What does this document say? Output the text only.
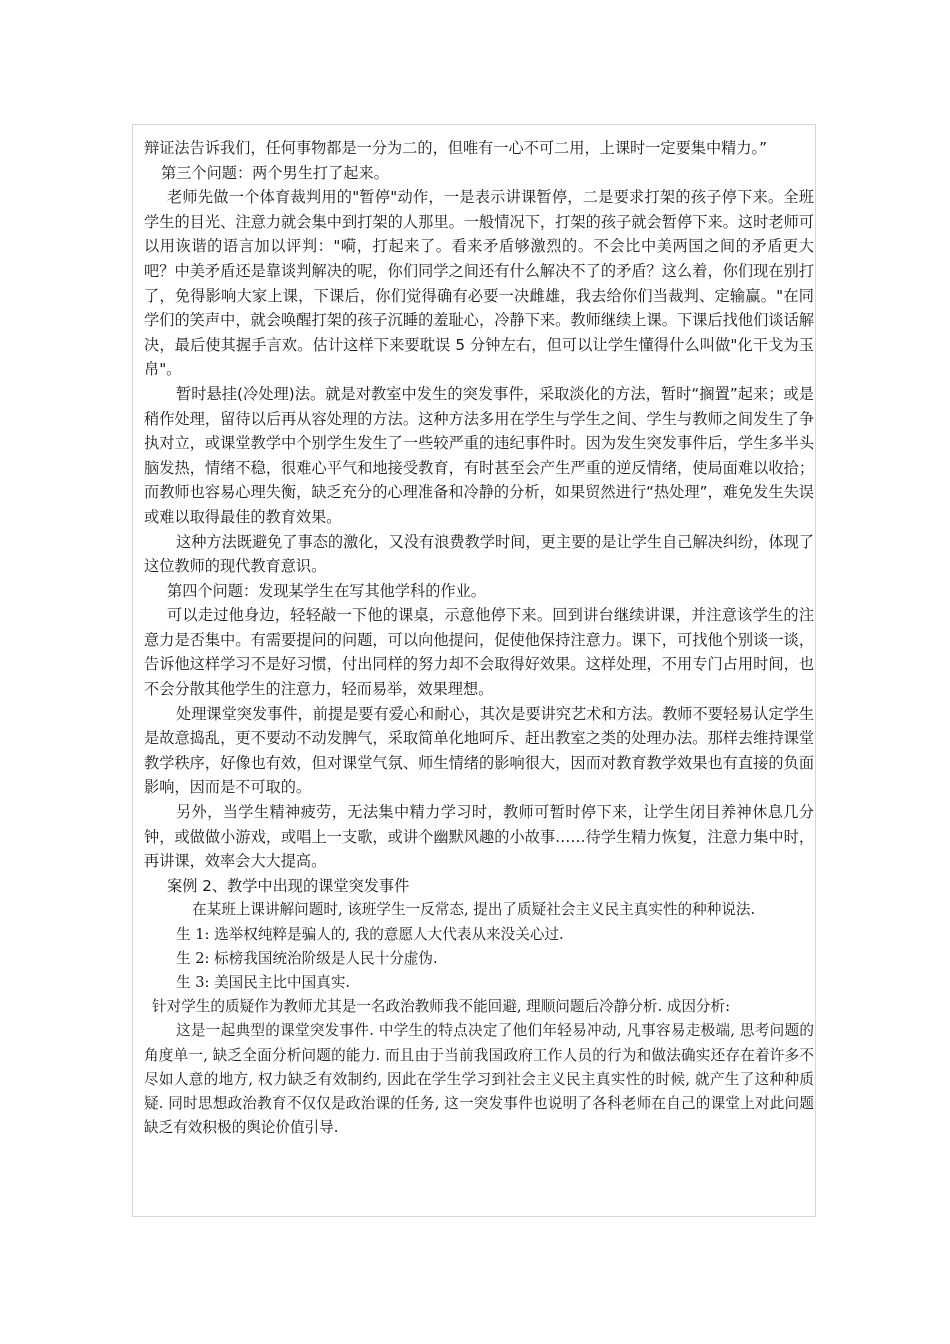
辩证法告诉我们，任何事物都是一分为二的，但唯有一心不可二用，上课时一定要集中精力。”

第三个问题：两个男生打了起来。

老师先做一个体育裁判用的"暂停"动作，一是表示讲课暂停，二是要求打架的孩子停下来。全班学生的目光、注意力就会集中到打架的人那里。一般情况下，打架的孩子就会暂停下来。这时老师可以用诙谐的语言加以评判："嗬，打起来了。看来矛盾够激烈的。不会比中美两国之间的矛盾更大吧？中美矛盾还是靠谈判解决的呢，你们同学之间还有什么解决不了的矛盾？这么着，你们现在别打了，免得影响大家上课，下课后，你们觉得确有必要一决雌雄，我去给你们当裁判、定输赢。"在同学们的笑声中，就会唤醒打架的孩子沉睡的羞耻心，冷静下来。教师继续上课。下课后找他们谈话解决，最后使其握手言欢。估计这样下来要耽误 5 分钟左右，但可以让学生懂得什么叫做"化干戈为玉帛"。

暂时悬挂(冷处理)法。就是对教室中发生的突发事件，采取淡化的方法，暂时“搁置”起来；或是稍作处理，留待以后再从容处理的方法。这种方法多用在学生与学生之间、学生与教师之间发生了争执对立，或课堂教学中个别学生发生了一些较严重的违纪事件时。因为发生突发事件后，学生多半头脑发热，情绪不稳，很难心平气和地接受教育，有时甚至会产生严重的逆反情绪，使局面难以收拾；而教师也容易心理失衡，缺乏充分的心理准备和冷静的分析，如果贸然进行“热处理”，难免发生失误或难以取得最佳的教育效果。

这种方法既避免了事态的激化，又没有浪费教学时间，更主要的是让学生自己解决纠纷，体现了这位教师的现代教育意识。

第四个问题：发现某学生在写其他学科的作业。

可以走过他身边，轻轻敲一下他的课桌，示意他停下来。回到讲台继续讲课，并注意该学生的注意力是否集中。有需要提问的问题，可以向他提问，促使他保持注意力。课下，可找他个别谈一谈，告诉他这样学习不是好习惯，付出同样的努力却不会取得好效果。这样处理，不用专门占用时间，也不会分散其他学生的注意力，轻而易举，效果理想。

处理课堂突发事件，前提是要有爱心和耐心，其次是要讲究艺术和方法。教师不要轻易认定学生是故意捣乱，更不要动不动发脾气，采取简单化地呵斥、赶出教室之类的处理办法。那样去维持课堂教学秩序，好像也有效，但对课堂气氛、师生情绪的影响很大，因而对教育教学效果也有直接的负面影响，因而是不可取的。

另外，当学生精神疲劳，无法集中精力学习时，教师可暂时停下来，让学生闭目养神休息几分钟，或做做小游戏，或唱上一支歌，或讲个幽默风趣的小故事……待学生精力恢复，注意力集中时，再讲课，效率会大大提高。

案例 2、教学中出现的课堂突发事件

在某班上课讲解问题时, 该班学生一反常态, 提出了质疑社会主义民主真实性的种种说法.

生 1: 选举权纯粹是骗人的, 我的意愿人大代表从来没关心过.

生 2: 标榜我国统治阶级是人民十分虚伪.

生 3: 美国民主比中国真实.

针对学生的质疑作为教师尤其是一名政治教师我不能回避, 理顺问题后冷静分析. 成因分析:

这是一起典型的课堂突发事件. 中学生的特点决定了他们年轻易冲动, 凡事容易走极端, 思考问题的角度单一, 缺乏全面分析问题的能力. 而且由于当前我国政府工作人员的行为和做法确实还存在着许多不尽如人意的地方, 权力缺乏有效制约, 因此在学生学习到社会主义民主真实性的时候, 就产生了这种种质疑. 同时思想政治教育不仅仅是政治课的任务, 这一突发事件也说明了各科老师在自己的课堂上对此问题缺乏有效积极的舆论价值引导.
